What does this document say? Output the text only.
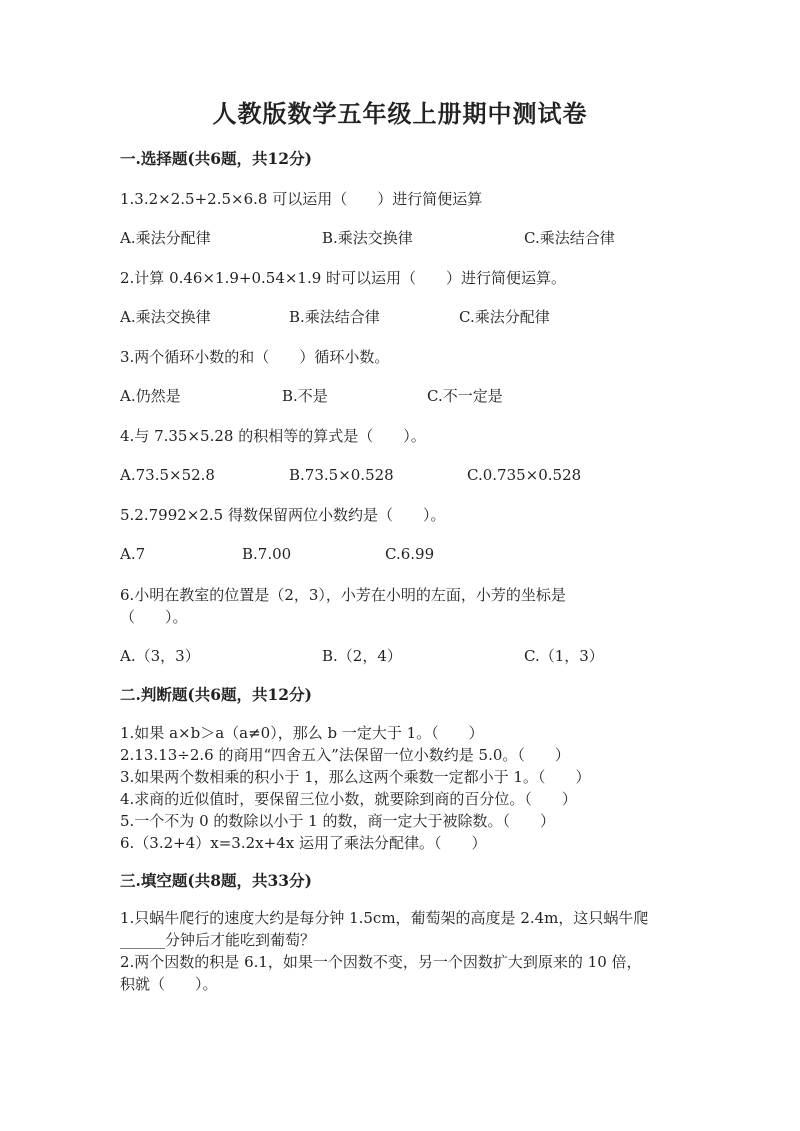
人教版数学五年级上册期中测试卷
一.选择题(共6题，共12分)
1.3.2×2.5+2.5×6.8 可以运用（　　）进行简便运算
A.乘法分配律	B.乘法交换律	C.乘法结合律
2.计算 0.46×1.9+0.54×1.9 时可以运用（　　）进行简便运算。
A.乘法交换律	B.乘法结合律	C.乘法分配律
3.两个循环小数的和（　　）循环小数。
A.仍然是	B.不是	C.不一定是
4.与 7.35×5.28 的积相等的算式是（　　）。
A.73.5×52.8	B.73.5×0.528	C.0.735×0.528
5.2.7992×2.5 得数保留两位小数约是（　　）。
A.7	B.7.00	C.6.99
6.小明在教室的位置是（2，3），小芳在小明的左面，小芳的坐标是
（　　）。
A.（3，3）	B.（2，4）	C.（1，3）
二.判断题(共6题，共12分)
1.如果 a×b＞a（a≠0），那么 b 一定大于 1。（　　）
2.13.13÷2.6 的商用“四舍五入”法保留一位小数约是 5.0。（　　）
3.如果两个数相乘的积小于 1，那么这两个乘数一定都小于 1。（　　）
4.求商的近似值时，要保留三位小数，就要除到商的百分位。（　　）
5.一个不为 0 的数除以小于 1 的数，商一定大于被除数。（　　）
6.（3.2+4）x=3.2x+4x 运用了乘法分配律。（　　）
三.填空题(共8题，共33分)
1.只蜗牛爬行的速度大约是每分钟 1.5cm，葡萄架的高度是 2.4m，这只蜗牛爬
______分钟后才能吃到葡萄？
2.两个因数的积是 6.1，如果一个因数不变，另一个因数扩大到原来的 10 倍，
积就（　　）。
